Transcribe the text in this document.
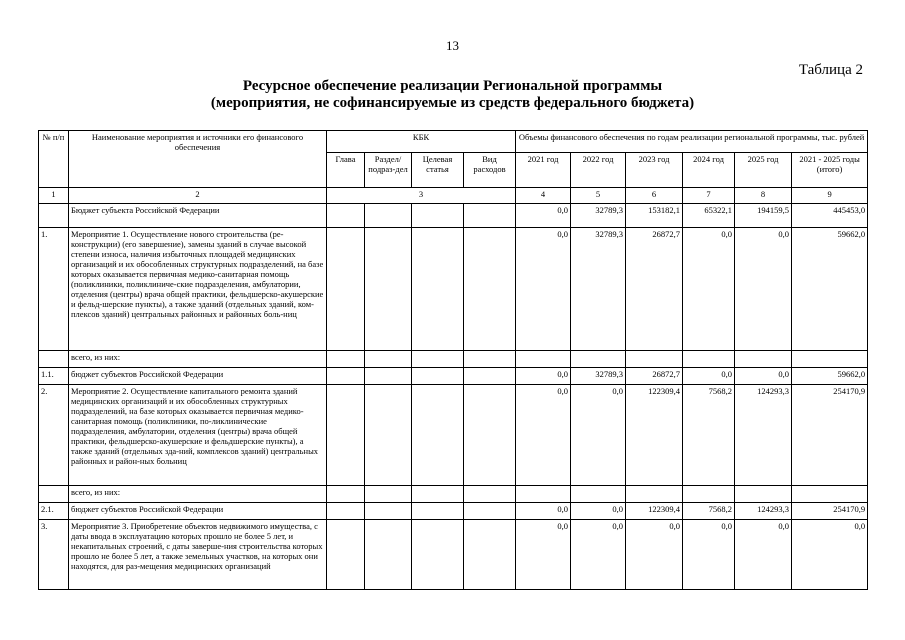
13
Таблица 2
Ресурсное обеспечение реализации Региональной программы
(мероприятия, не софинансируемые из средств федерального бюджета)
№ п/п	Наименование мероприятия и источники его финансового обеспечения	КБК				Объемы финансового обеспечения по годам реализации региональной программы, тыс. рублей					
		Глава	Раздел/ подраз-дел	Целевая статья	Вид расходов	2021 год	2022 год	2023 год	2024 год	2025 год	2021 - 2025 годы (итого)
1	2	3				4	5	6	7	8	9
	Бюджет субъекта Российской Федерации					0,0	32789,3	153182,1	65322,1	194159,5	445453,0
1.	Мероприятие 1. Осуществление нового строительства (ре-конструкции) (его завершение), замены зданий в случае высокой степени износа, наличия избыточных площадей медицинских организаций и их обособленных структурных подразделений, на базе которых оказывается первичная медико-санитарная помощь (поликлиники, поликлиниче-ские подразделения, амбулатории, отделения (центры) врача общей практики, фельдшерско-акушерские и фельд-шерские пункты), а также зданий (отдельных зданий, ком-плексов зданий) центральных районных и районных боль-ниц					0,0	32789,3	26872,7	0,0	0,0	59662,0
	всего, из них:										
1.1.	бюджет субъектов Российской Федерации					0,0	32789,3	26872,7	0,0	0,0	59662,0
2.	Мероприятие 2. Осуществление капитального ремонта зданий медицинских организаций и их обособленных структурных подразделений, на базе которых оказывается первичная медико-санитарная помощь (поликлиники, по-ликлинические подразделения, амбулатории, отделения (центры) врача общей практики, фельдшерско-акушерские и фельдшерские пункты), а также зданий (отдельных зда-ний, комплексов зданий) центральных районных и район-ных больниц					0,0	0,0	122309,4	7568,2	124293,3	254170,9
	всего, из них:										
2.1.	бюджет субъектов Российской Федерации					0,0	0,0	122309,4	7568,2	124293,3	254170,9
3.	Мероприятие 3. Приобретение объектов недвижимого имущества, с даты ввода в эксплуатацию которых прошло не более 5 лет, и некапитальных строений, с даты заверше-ния строительства которых прошло не более 5 лет, а также земельных участков, на которых они находятся, для раз-мещения медицинских организаций					0,0	0,0	0,0	0,0	0,0	0,0
